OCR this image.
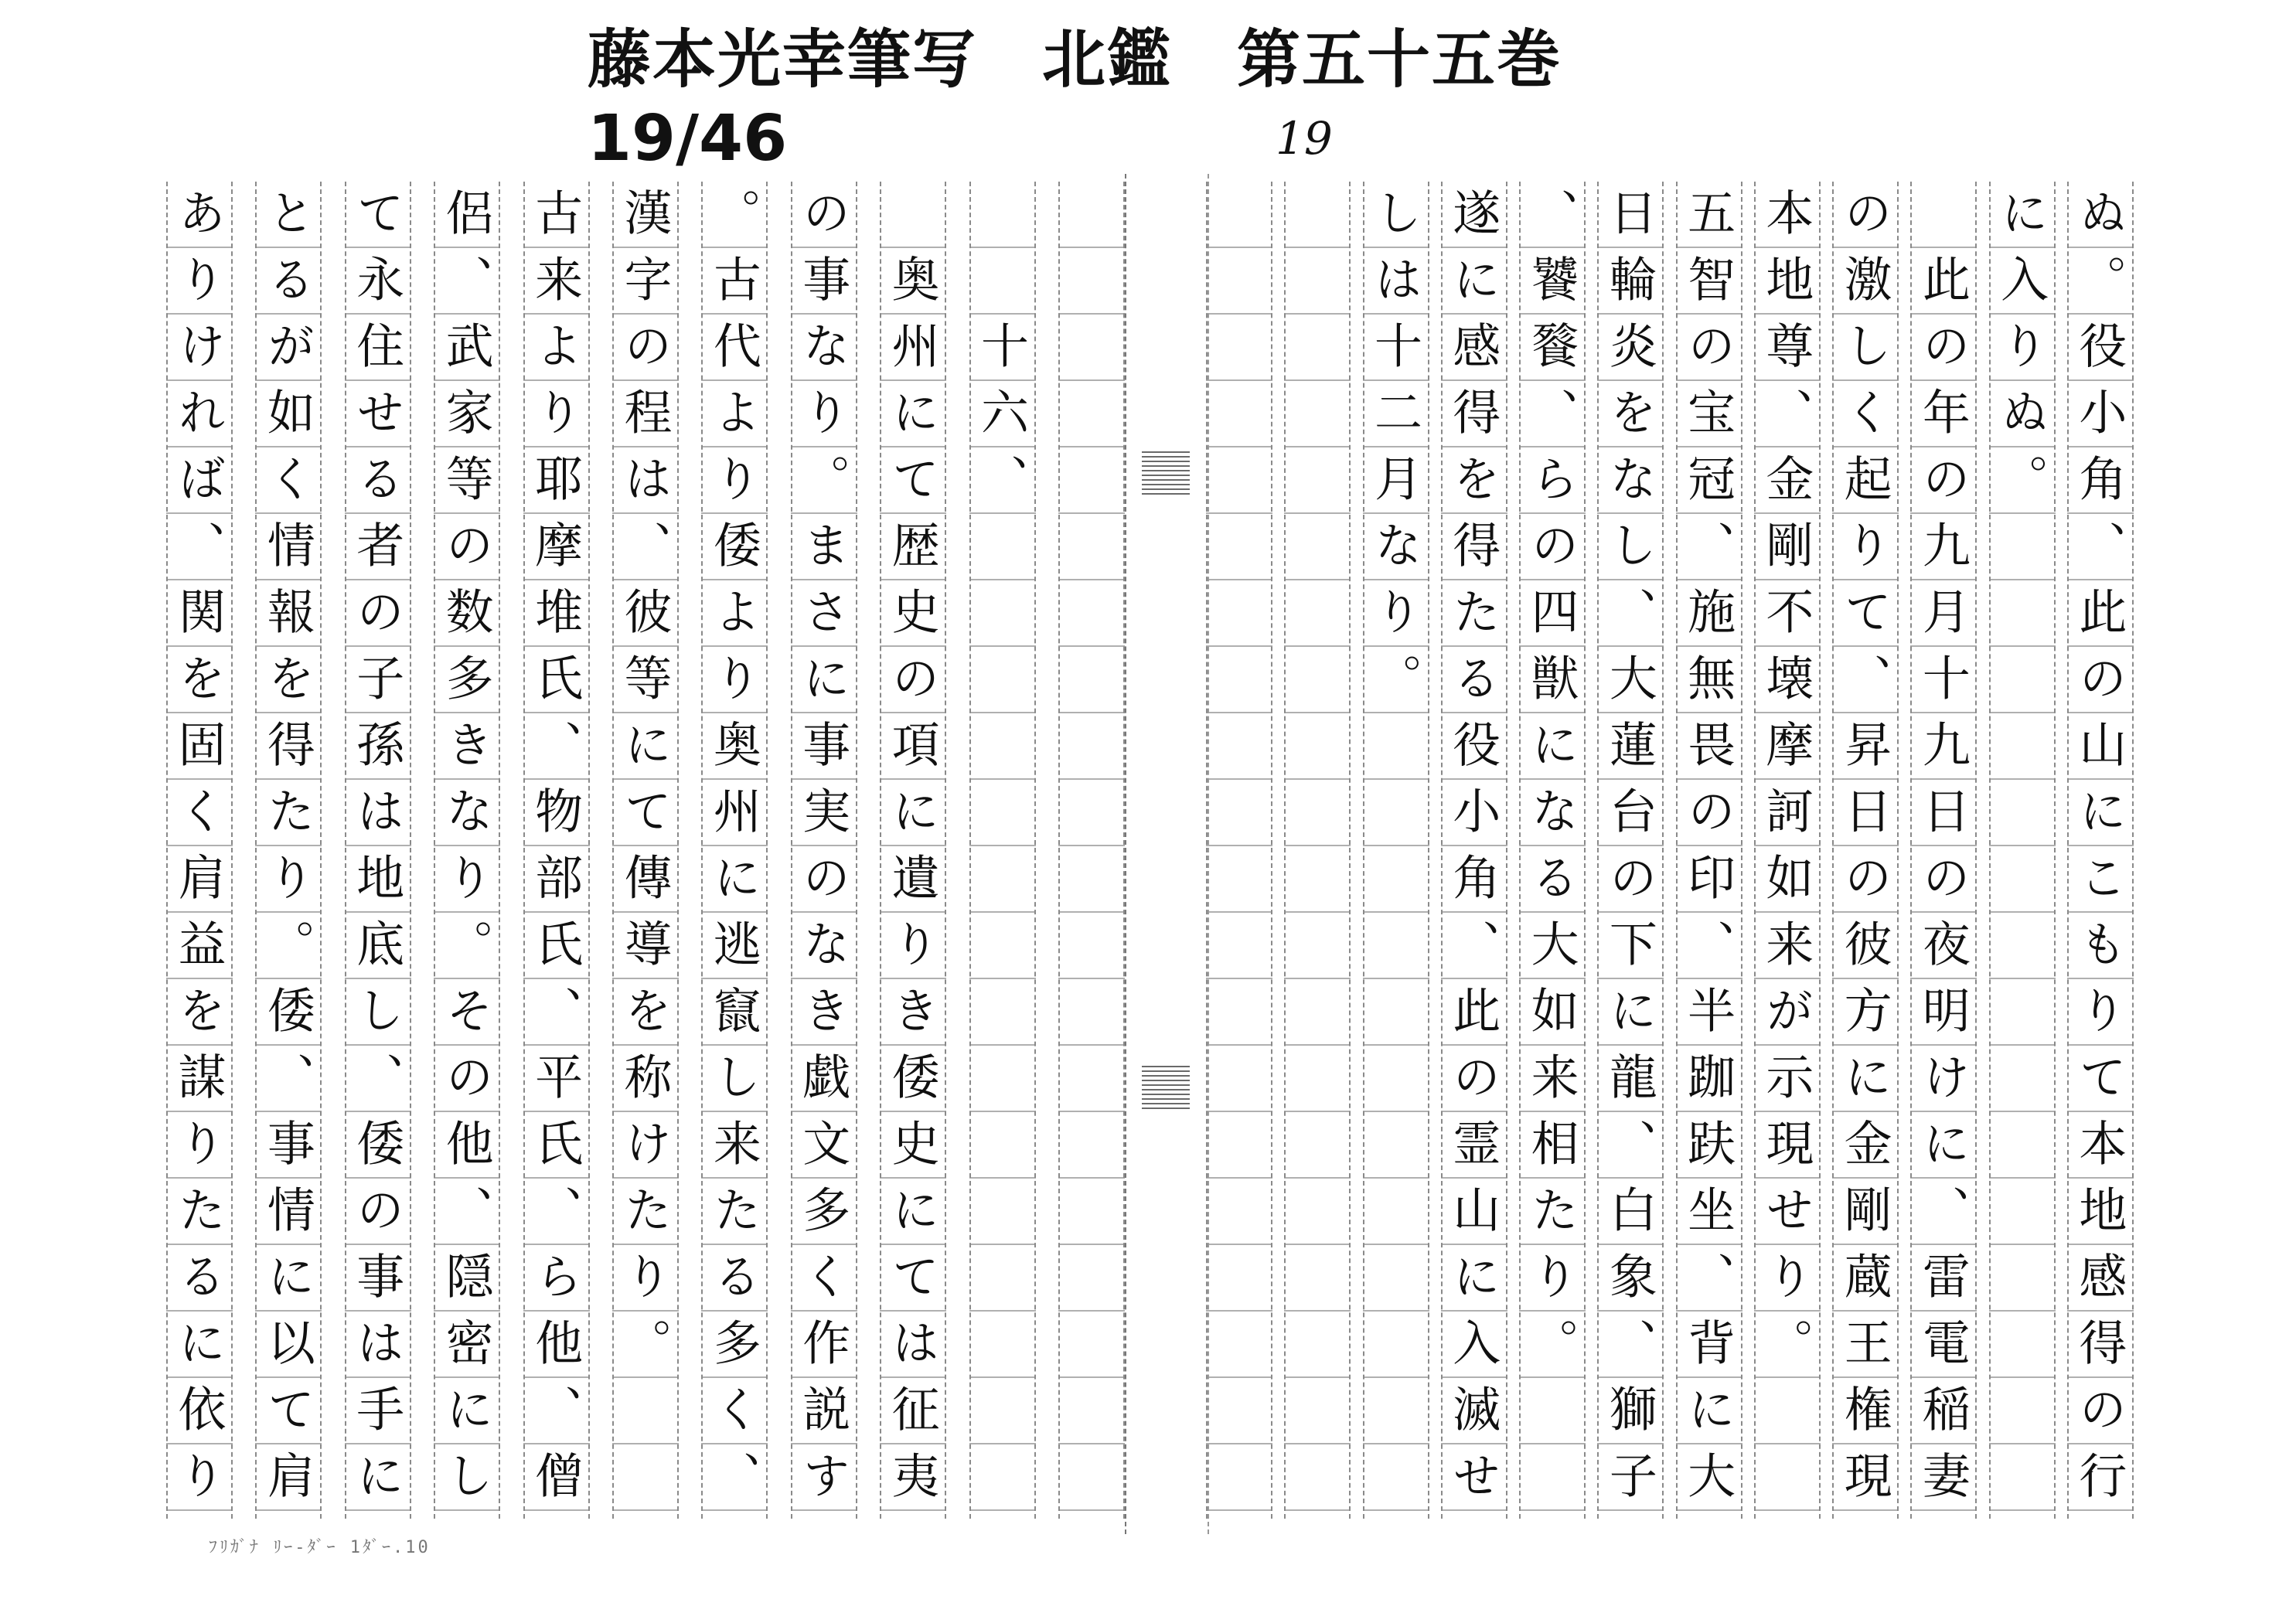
藤本光幸筆写　北鑑　第五十五巻
19/46	19
ぬ。役小角、此の山にこもりて本地感得の行
に入りぬ。
此の年の九月十九日の夜明けに、雷電稲妻
の激しく起りて、昇日の彼方に金剛蔵王権現
本地尊、金剛不壊摩訶如来が示現せり。
五智の宝冠、施無畏の印、半跏趺坐、背に大
日輪炎をなし、大蓮台の下に龍、白象、獅子
、饕餮、らの四獣になる大如来相たり。
遂に感得を得たる役小角、此の霊山に入滅せ
しは十二月なり。
十六、
奥州にて歴史の項に遺りき倭史にては征夷
の事なり。まさに事実のなき戯文多く作説す
。古代より倭より奥州に逃竄し来たる多く、
漢字の程は、彼等にて傳導を称けたり。
古来より耶摩堆氏、物部氏、平氏、ら他、僧
侶、武家等の数多きなり。その他、隠密にし
て永住せる者の子孫は地底し、倭の事は手に
とるが如く情報を得たり。倭、事情に以て肩
ありければ、関を固く肩益を謀りたるに依り
ﾌﾘｶﾞﾅ ﾘｰ-ﾀﾞｰ 1ﾀﾞｰ.10
